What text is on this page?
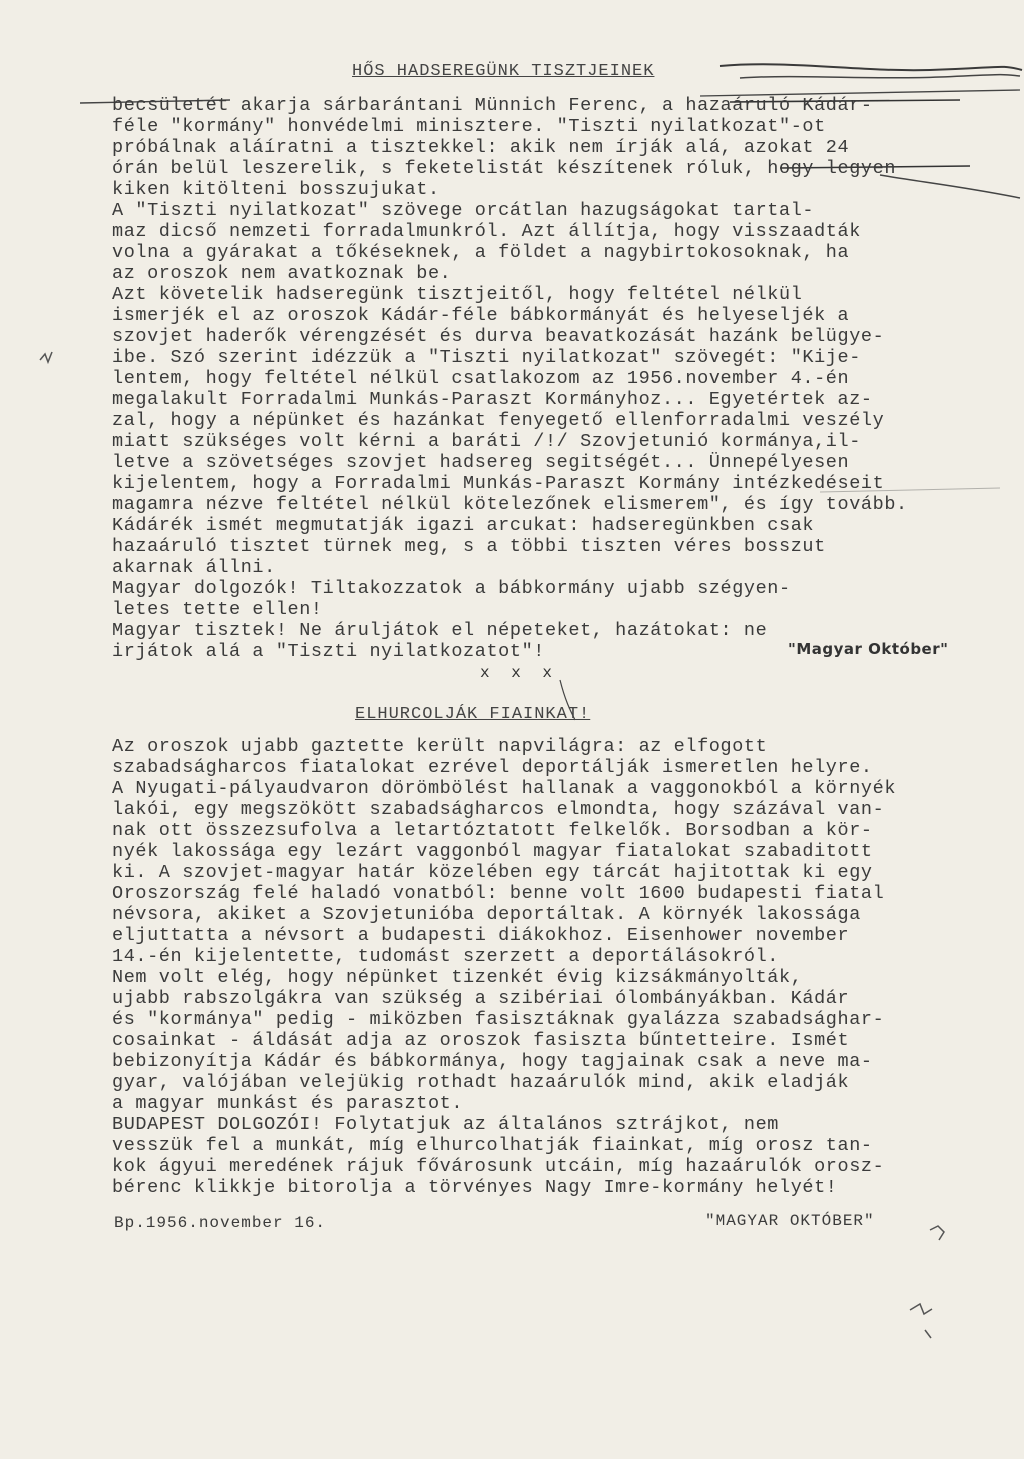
HŐS HADSEREGÜNK TISZTJEINEK
becsületét akarja sárbarántani Münnich Ferenc, a hazaáruló Kádár-
féle "kormány" honvédelmi minisztere. "Tiszti nyilatkozat"-ot
próbálnak aláíratni a tisztekkel: akik nem írják alá, azokat 24
órán belül leszerelik, s feketelistát készítenek róluk, hogy legyen
kiken kitölteni bosszujukat.
A "Tiszti nyilatkozat" szövege orcátlan hazugságokat tartal-
maz dicső nemzeti forradalmunkról. Azt állítja, hogy visszaadták
volna a gyárakat a tőkéseknek, a földet a nagybirtokosoknak, ha
az oroszok nem avatkoznak be.
Azt követelik hadseregünk tisztjeitől, hogy feltétel nélkül
ismerjék el az oroszok Kádár-féle bábkormányát és helyeseljék a
szovjet haderők vérengzését és durva beavatkozását hazánk belügye-
ibe. Szó szerint idézzük a "Tiszti nyilatkozat" szövegét: "Kije-
lentem, hogy feltétel nélkül csatlakozom az 1956.november 4.-én
megalakult Forradalmi Munkás-Paraszt Kormányhoz... Egyetértek az-
zal, hogy a népünket és hazánkat fenyegető ellenforradalmi veszély
miatt szükséges volt kérni a baráti /!/ Szovjetunió kormánya,il-
letve a szövetséges szovjet hadsereg segitségét... Ünnepélyesen
kijelentem, hogy a Forradalmi Munkás-Paraszt Kormány intézkedéseit
magamra nézve feltétel nélkül kötelezőnek elismerem", és így tovább.
Kádárék ismét megmutatják igazi arcukat: hadseregünkben csak
hazaáruló tisztet türnek meg, s a többi tiszten véres bosszut
akarnak állni.
Magyar dolgozók! Tiltakozzatok a bábkormány ujabb szégyen-
letes tette ellen!
Magyar tisztek! Ne áruljátok el népeteket, hazátokat: ne
irjátok alá a "Tiszti nyilatkozatot"!	"Magyar Október"
x x x
ELHURCOLJÁK FIAINKAT!
Az oroszok ujabb gaztette került napvilágra: az elfogott
szabadságharcos fiatalokat ezrével deportálják ismeretlen helyre.
A Nyugati-pályaudvaron dörömbölést hallanak a vaggonokból a környék
lakói, egy megszökött szabadságharcos elmondta, hogy százával van-
nak ott összezsufolva a letartóztatott felkelők. Borsodban a kör-
nyék lakossága egy lezárt vaggonból magyar fiatalokat szabaditott
ki. A szovjet-magyar határ közelében egy tárcát hajitottak ki egy
Oroszország felé haladó vonatból: benne volt 1600 budapesti fiatal
névsora, akiket a Szovjetunióba deportáltak. A környék lakossága
eljuttatta a névsort a budapesti diákokhoz. Eisenhower november
14.-én kijelentette, tudomást szerzett a deportálásokról.
Nem volt elég, hogy népünket tizenkét évig kizsákmányolták,
ujabb rabszolgákra van szükség a szibériai ólombányákban. Kádár
és "kormánya" pedig - miközben fasisztáknak gyalázza szabadsághar-
cosainkat - áldását adja az oroszok fasiszta bűntetteire. Ismét
bebizonyítja Kádár és bábkormánya, hogy tagjainak csak a neve ma-
gyar, valójában velejükig rothadt hazaárulók mind, akik eladják
a magyar munkást és parasztot.
BUDAPEST DOLGOZÓI! Folytatjuk az általános sztrájkot, nem
vesszük fel a munkát, míg elhurcolhatják fiainkat, míg orosz tan-
kok ágyui meredének rájuk fővárosunk utcáin, míg hazaárulók orosz-
bérenc klikkje bitorolja a törvényes Nagy Imre-kormány helyét!
Bp.1956.november 16.	"MAGYAR OKTÓBER"
